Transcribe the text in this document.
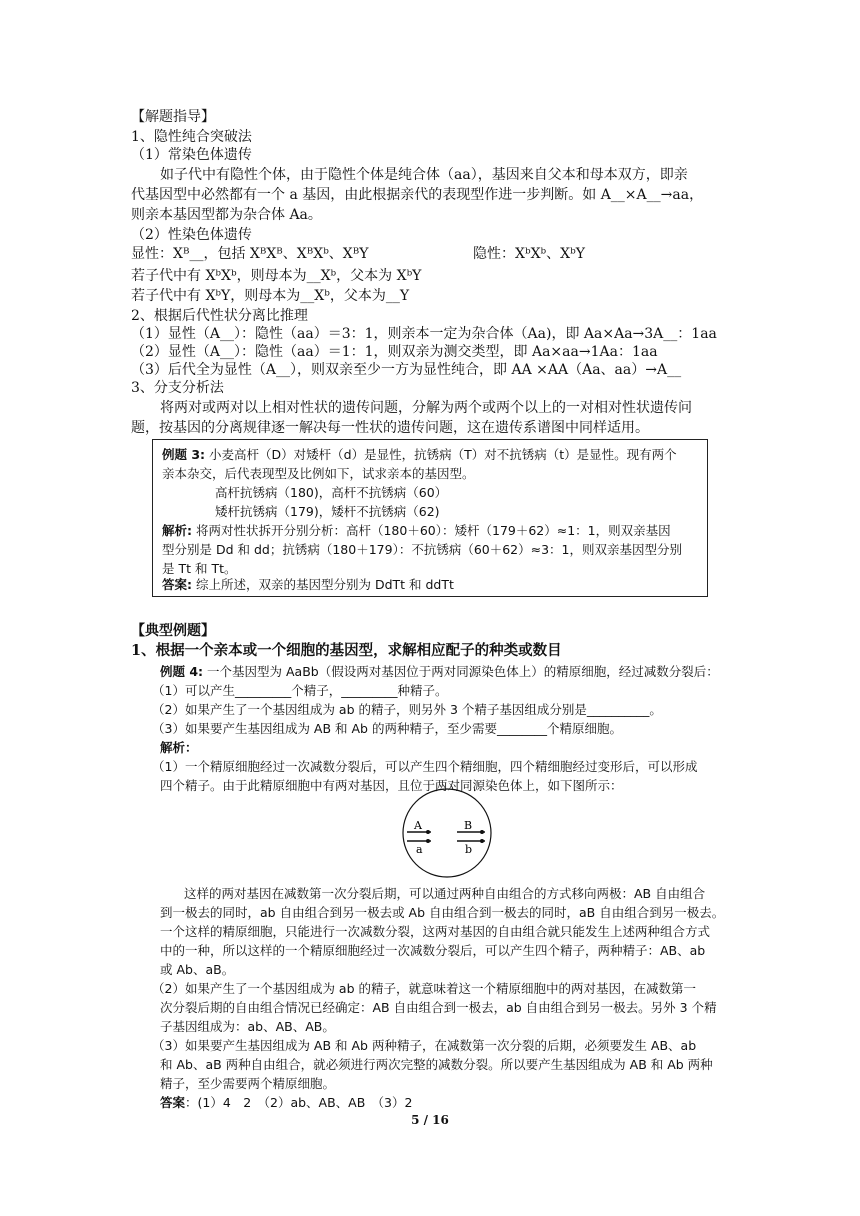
【解题指导】
1、隐性纯合突破法
（1）常染色体遗传
如子代中有隐性个体，由于隐性个体是纯合体（aa），基因来自父本和母本双方，即亲
代基因型中必然都有一个 a 基因，由此根据亲代的表现型作进一步判断。如 A__×A__→aa，
则亲本基因型都为杂合体 Aa。
（2）性染色体遗传
显性：Xᴮ__，包括 XᴮXᴮ、XᴮXᵇ、XᴮY	隐性：XᵇXᵇ、XᵇY
若子代中有 XᵇXᵇ，则母本为__Xᵇ，父本为 XᵇY
若子代中有 XᵇY，则母本为__Xᵇ，父本为__Y
2、根据后代性状分离比推理
（1）显性（A__）：隐性（aa）＝3：1，则亲本一定为杂合体（Aa)，即 Aa×Aa→3A__：1aa
（2）显性（A__）：隐性（aa）＝1：1，则双亲为测交类型，即 Aa×aa→1Aa：1aa
（3）后代全为显性（A__），则双亲至少一方为显性纯合，即 AA ×AA（Aa、aa）→A__
3、分支分析法
将两对或两对以上相对性状的遗传问题，分解为两个或两个以上的一对相对性状遗传问
例题 3: 小麦高杆（D）对矮杆（d）是显性，抗锈病（T）对不抗锈病（t）是显性。现有两个
亲本杂交，后代表现型及比例如下，试求亲本的基因型。
高杆抗锈病（180)，高杆不抗锈病（60）
矮杆抗锈病（179)，矮杆不抗锈病（62)
解析: 将两对性状拆开分别分析：高杆（180＋60）：矮杆（179＋62）≈1：1，则双亲基因
型分别是 Dd 和 dd；抗锈病（180＋179）：不抗锈病（60＋62）≈3：1，则双亲基因型分别
是 Tt 和 Tt。
答案: 综上所述，双亲的基因型分别为 DdTt 和 ddTt
【典型例题】
1、根据一个亲本或一个细胞的基因型，求解相应配子的种类或数目
例题 4: 一个基因型为 AaBb（假设两对基因位于两对同源染色体上）的精原细胞，经过减数分裂后：
（1）可以产生_________个精子，_________种精子。
（2）如果产生了一个基因组成为 ab 的精子，则另外 3 个精子基因组成分别是__________。
（3）如果要产生基因组成为 AB 和 Ab 的两种精子，至少需要________个精原细胞。
解析：
（1）一个精原细胞经过一次减数分裂后，可以产生四个精细胞，四个精细胞经过变形后，可以形成
四个精子。由于此精原细胞中有两对基因，且位于两对同源染色体上，如下图所示：
A
a
B
b
这样的两对基因在减数第一次分裂后期，可以通过两种自由组合的方式移向两极：AB 自由组合
到一极去的同时，ab 自由组合到另一极去或 Ab 自由组合到一极去的同时，aB 自由组合到另一极去。
一个这样的精原细胞，只能进行一次减数分裂，这两对基因的自由组合就只能发生上述两种组合方式
中的一种，所以这样的一个精原细胞经过一次减数分裂后，可以产生四个精子，两种精子：AB、ab
或 Ab、aB。
（2）如果产生了一个基因组成为 ab 的精子，就意味着这一个精原细胞中的两对基因，在减数第一
次分裂后期的自由组合情况已经确定：AB 自由组合到一极去，ab 自由组合到另一极去。另外 3 个精
子基因组成为：ab、AB、AB。
（3）如果要产生基因组成为 AB 和 Ab 两种精子，在减数第一次分裂的后期，必须要发生 AB、ab
和 Ab、aB 两种自由组合，就必须进行两次完整的减数分裂。所以要产生基因组成为 AB 和 Ab 两种
精子，至少需要两个精原细胞。
答案：(1）4　2　（2）ab、AB、AB　（3）2
5 / 16
题，按基因的分离规律逐一解决每一性状的遗传问题，这在遗传系谱图中同样适用。
